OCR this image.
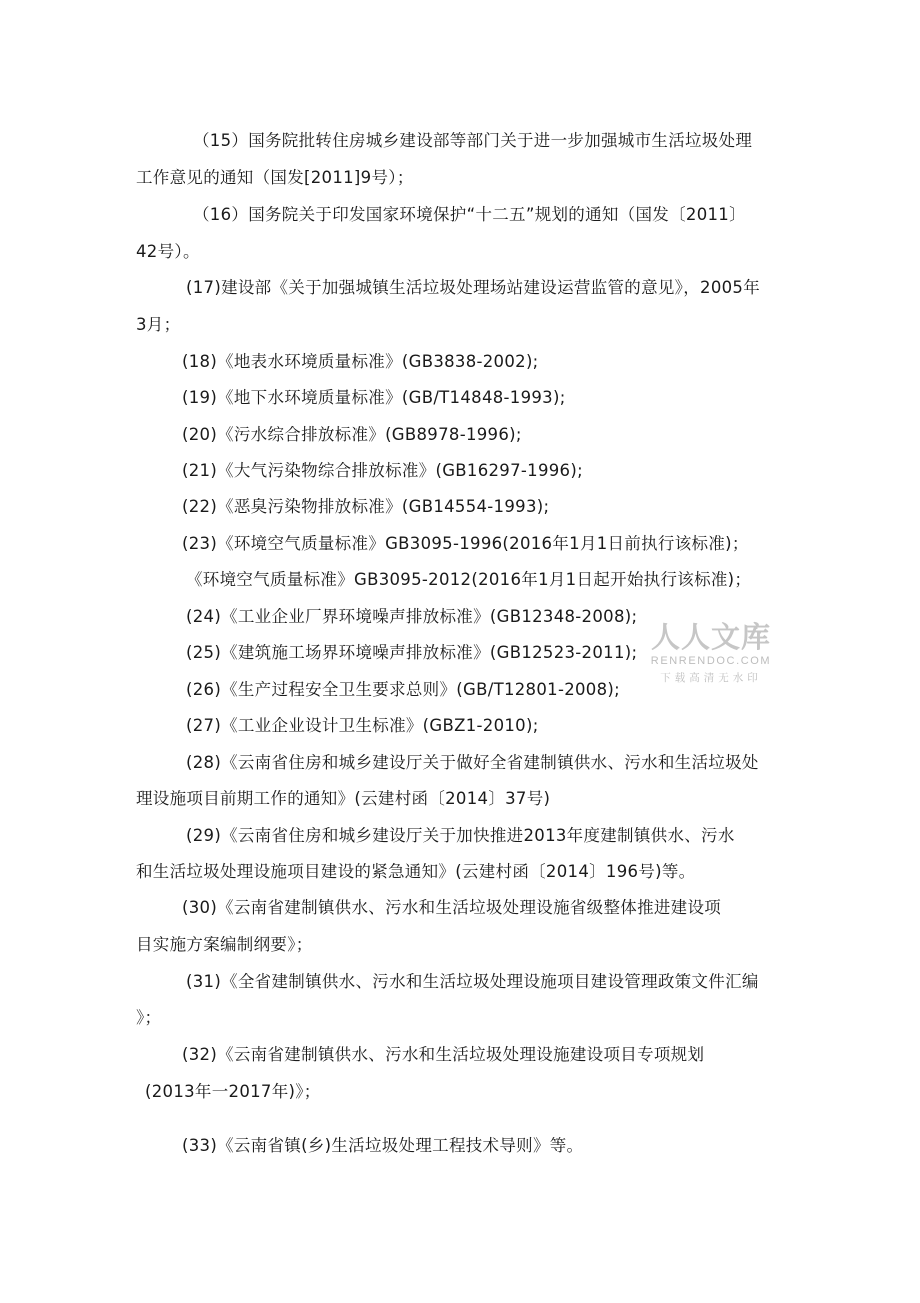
（15）国务院批转住房城乡建设部等部门关于进一步加强城市生活垃圾处理
工作意见的通知（国发[2011]9号）；
（16）国务院关于印发国家环境保护“十二五”规划的通知（国发〔2011〕
42号）。
(17)建设部《关于加强城镇生活垃圾处理场站建设运营监管的意见》，2005年
3月；
(18)《地表水环境质量标准》(GB3838-2002);
(19)《地下水环境质量标准》(GB/T14848-1993);
(20)《污水综合排放标准》(GB8978-1996);
(21)《大气污染物综合排放标准》(GB16297-1996);
(22)《恶臭污染物排放标准》(GB14554-1993);
(23)《环境空气质量标准》GB3095-1996(2016年1月1日前执行该标准)；
《环境空气质量标准》GB3095-2012(2016年1月1日起开始执行该标准)；
(24)《工业企业厂界环境噪声排放标准》(GB12348-2008);
(25)《建筑施工场界环境噪声排放标准》(GB12523-2011);
(26)《生产过程安全卫生要求总则》(GB/T12801-2008);
(27)《工业企业设计卫生标准》(GBZ1-2010);
(28)《云南省住房和城乡建设厅关于做好全省建制镇供水、污水和生活垃圾处
理设施项目前期工作的通知》(云建村函〔2014〕37号)
(29)《云南省住房和城乡建设厅关于加快推进2013年度建制镇供水、污水
和生活垃圾处理设施项目建设的紧急通知》(云建村函〔2014〕196号)等。
(30)《云南省建制镇供水、污水和生活垃圾处理设施省级整体推进建设项
目实施方案编制纲要》；
(31)《全省建制镇供水、污水和生活垃圾处理设施项目建设管理政策文件汇编
》；
(32)《云南省建制镇供水、污水和生活垃圾处理设施建设项目专项规划
(2013年一2017年)》；
(33)《云南省镇(乡)生活垃圾处理工程技术导则》等。
人人文库
RENRENDOC.COM
下载高清无水印
